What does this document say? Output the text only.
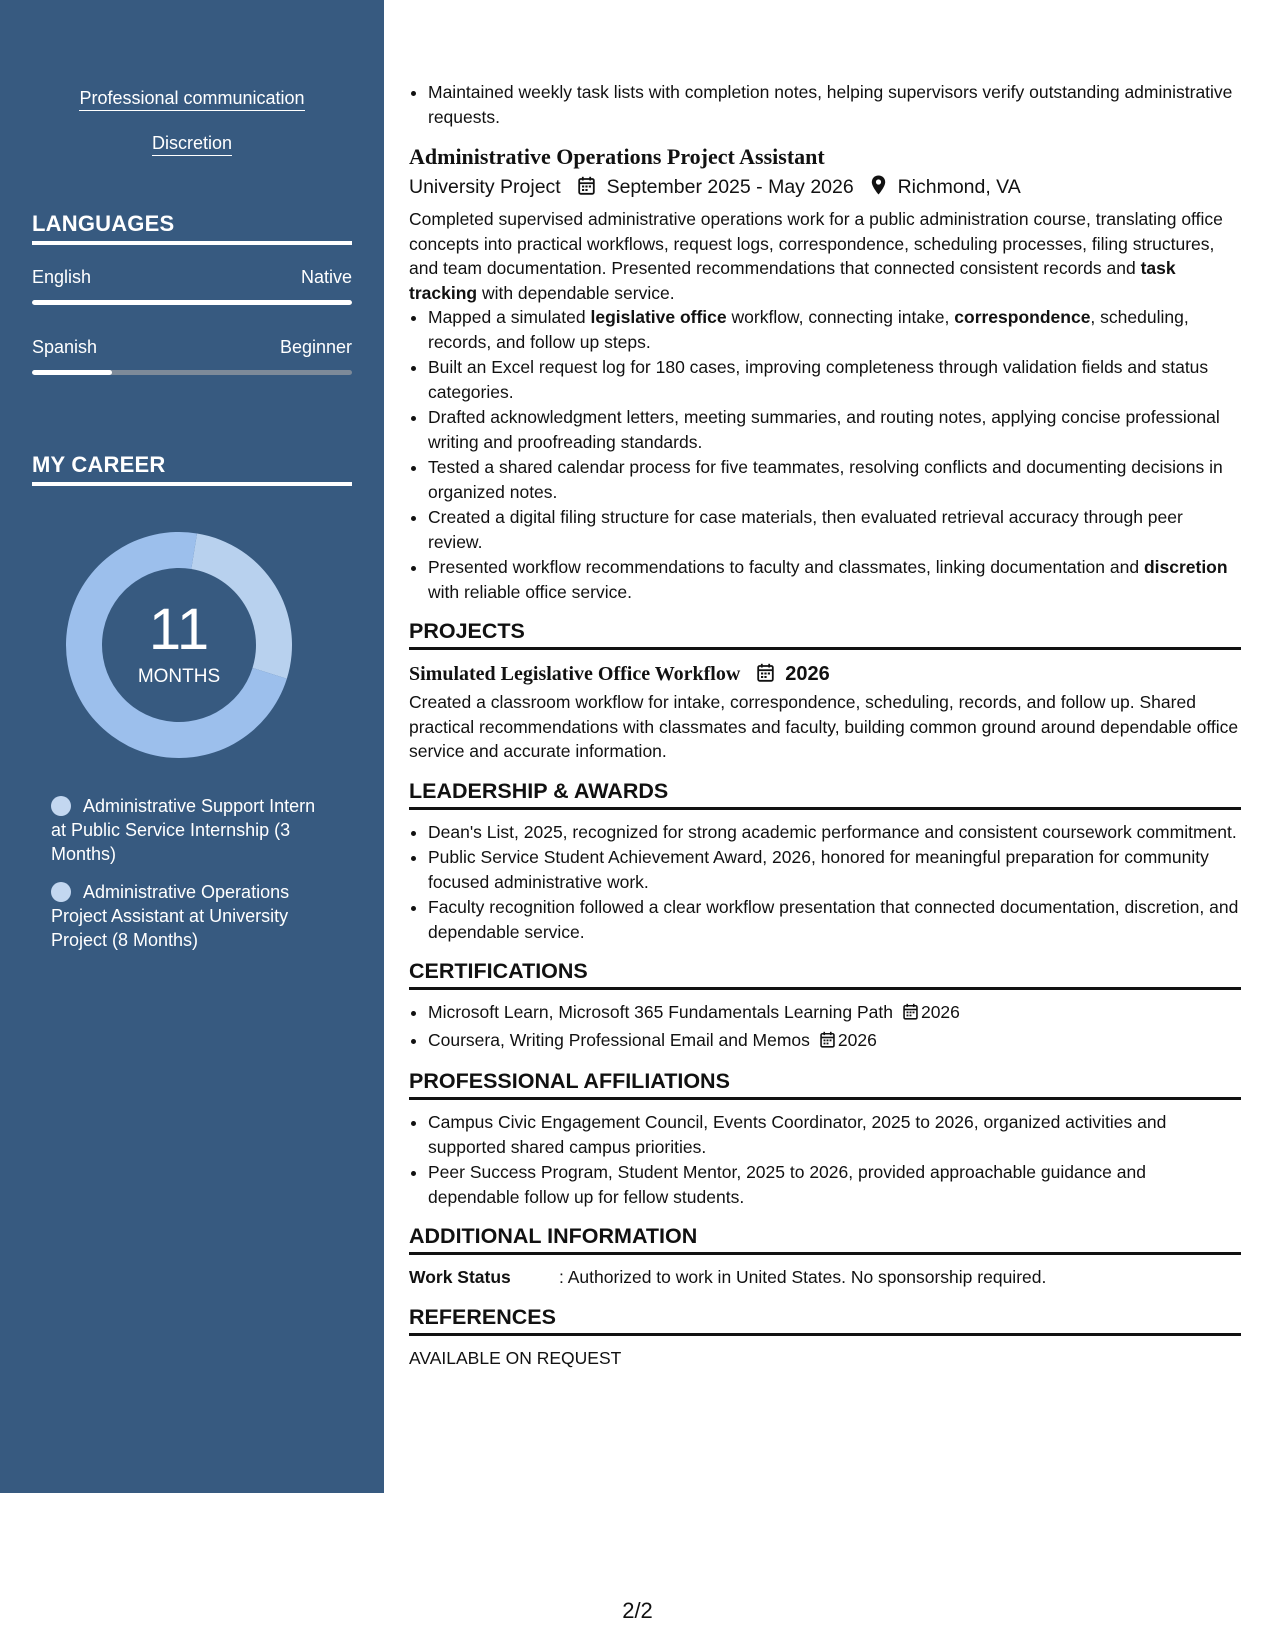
Professional communication
Discretion
LANGUAGES
English	Native
Spanish	Beginner
MY CAREER
11
MONTHS
Administrative Support Intern at Public Service Internship (3 Months)
Administrative Operations Project Assistant at University Project (8 Months)
• Maintained weekly task lists with completion notes, helping supervisors verify outstanding administrative requests.
Administrative Operations Project Assistant
University Project September 2025 - May 2026 Richmond, VA
Completed supervised administrative operations work for a public administration course, translating office concepts into practical workflows, request logs, correspondence, scheduling processes, filing structures, and team documentation. Presented recommendations that connected consistent records and task tracking with dependable service.
• Mapped a simulated legislative office workflow, connecting intake, correspondence, scheduling, records, and follow up steps.
• Built an Excel request log for 180 cases, improving completeness through validation fields and status categories.
• Drafted acknowledgment letters, meeting summaries, and routing notes, applying concise professional writing and proofreading standards.
• Tested a shared calendar process for five teammates, resolving conflicts and documenting decisions in organized notes.
• Created a digital filing structure for case materials, then evaluated retrieval accuracy through peer review.
• Presented workflow recommendations to faculty and classmates, linking documentation and discretion with reliable office service.
PROJECTS
Simulated Legislative Office Workflow 2026
Created a classroom workflow for intake, correspondence, scheduling, records, and follow up. Shared practical recommendations with classmates and faculty, building common ground around dependable office service and accurate information.
LEADERSHIP & AWARDS
• Dean's List, 2025, recognized for strong academic performance and consistent coursework commitment.
• Public Service Student Achievement Award, 2026, honored for meaningful preparation for community focused administrative work.
• Faculty recognition followed a clear workflow presentation that connected documentation, discretion, and dependable service.
CERTIFICATIONS
• Microsoft Learn, Microsoft 365 Fundamentals Learning Path 2026
• Coursera, Writing Professional Email and Memos 2026
PROFESSIONAL AFFILIATIONS
• Campus Civic Engagement Council, Events Coordinator, 2025 to 2026, organized activities and supported shared campus priorities.
• Peer Success Program, Student Mentor, 2025 to 2026, provided approachable guidance and dependable follow up for fellow students.
ADDITIONAL INFORMATION
Work Status	: Authorized to work in United States. No sponsorship required.
REFERENCES
AVAILABLE ON REQUEST
2/2
